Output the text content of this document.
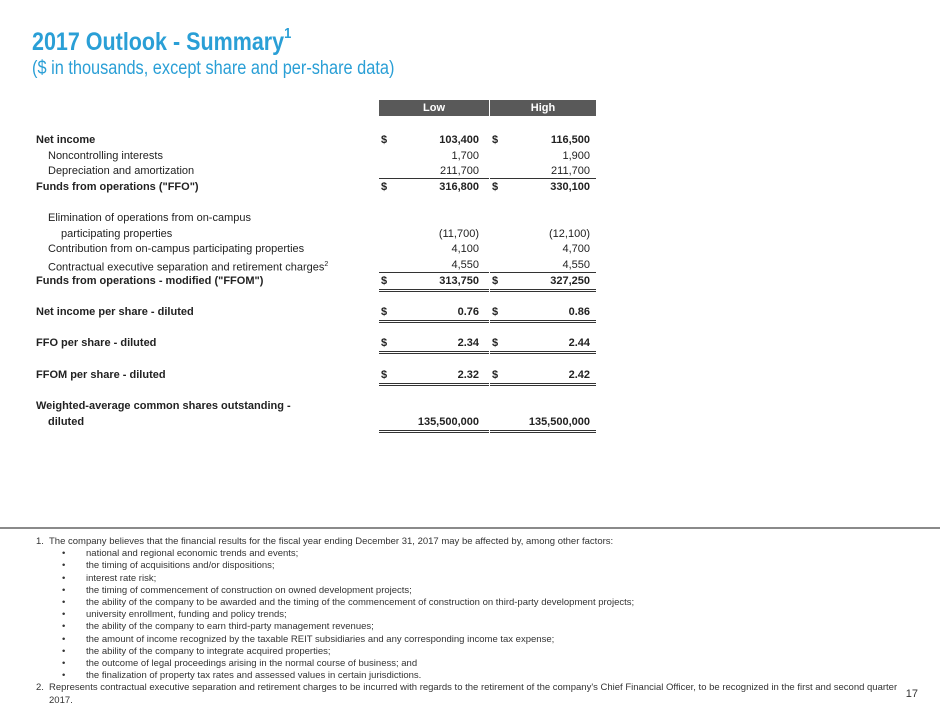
2017 Outlook - Summary$^1$
($ in thousands, except share and per-share data)
Low	High
Net income	$	103,400 $	116,500
Noncontrolling interests	1,700	1,900
Depreciation and amortization	211,700	211,700
Funds from operations ("FFO")	$	316,800 $	330,100
Elimination of operations from on-campus
participating properties	(11,700)	(12,100)
Contribution from on-campus participating properties	4,100	4,700
Contractual executive separation and retirement charges$^2$	4,550	4,550
Funds from operations - modified ("FFOM")	$	313,750 $	327,250
Net income per share - diluted	$	0.76 $	0.86
FFO per share - diluted	$	2.34 $	2.44
FFOM per share - diluted	$	2.32 $	2.42
Weighted-average common shares outstanding -
diluted	135,500,000	135,500,000
1. The company believes that the financial results for the fiscal year ending December 31, 2017 may be affected by, among other factors:
• national and regional economic trends and events;
• the timing of acquisitions and/or dispositions;
• interest rate risk;
• the timing of commencement of construction on owned development projects;
• the ability of the company to be awarded and the timing of the commencement of construction on third-party development projects;
• university enrollment, funding and policy trends;
• the ability of the company to earn third-party management revenues;
• the amount of income recognized by the taxable REIT subsidiaries and any corresponding income tax expense;
• the ability of the company to integrate acquired properties;
• the outcome of legal proceedings arising in the normal course of business; and
• the finalization of property tax rates and assessed values in certain jurisdictions.
2. Represents contractual executive separation and retirement charges to be incurred with regards to the retirement of the company's Chief Financial Officer, to be recognized in the first and second quarter 2017.
17
